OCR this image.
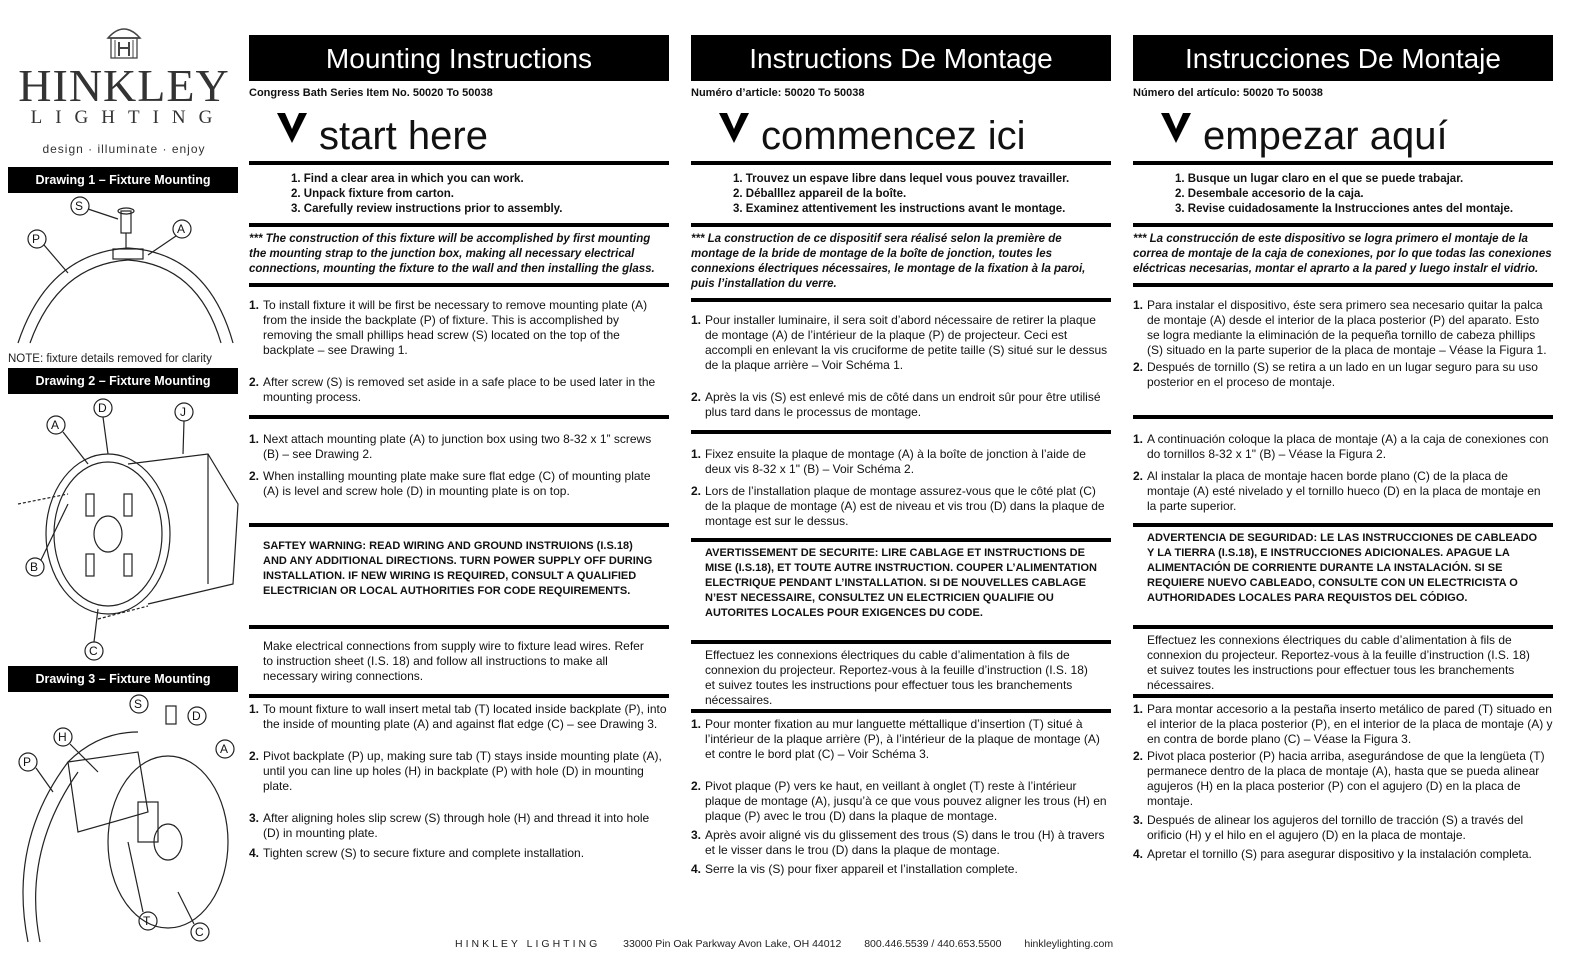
HINKLEY
LIGHTING
design · illuminate · enjoy
Drawing 1 – Fixture Mounting
S
P
A
NOTE: fixture details removed for clarity
Drawing 2 – Fixture Mounting
D
A
J
B
C
Drawing 3 – Fixture Mounting
S
D
H
A
P
T
C
Mounting Instructions
Congress Bath Series Item No. 50020 To 50038
start here
1. Find a clear area in which you can work.
2. Unpack fixture from carton.
3. Carefully review instructions prior to assembly.
*** The construction of this fixture will be accomplished by first mounting the mounting strap to the junction box, making all necessary electrical connections, mounting the fixture to the wall and then installing the glass.
1. To install fixture it will be first be necessary to remove mounting plate (A) from the inside the backplate (P) of fixture. This is accomplished by removing the small phillips head screw (S) located on the top of the backplate – see Drawing 1.
2. After screw (S) is removed set aside in a safe place to be used later in the mounting process.
1. Next attach mounting plate (A) to junction box using two 8-32 x 1” screws (B) – see Drawing 2.
2. When installing mounting plate make sure flat edge (C) of mounting plate (A) is level and screw hole (D) in mounting plate is on top.
SAFTEY WARNING: READ WIRING AND GROUND INSTRUIONS (I.S.18) AND ANY ADDITIONAL DIRECTIONS. TURN POWER SUPPLY OFF DURING INSTALLATION. IF NEW WIRING IS REQUIRED, CONSULT A QUALIFIED ELECTRICIAN OR LOCAL AUTHORITIES FOR CODE REQUIREMENTS.
Make electrical connections from supply wire to fixture lead wires. Refer to instruction sheet (I.S. 18) and follow all instructions to make all necessary wiring connections.
1. To mount fixture to wall insert metal tab (T) located inside backplate (P), into the inside of mounting plate (A) and against flat edge (C) – see Drawing 3.
2. Pivot backplate (P) up, making sure tab (T) stays inside mounting plate (A), until you can line up holes (H) in backplate (P) with hole (D) in mounting plate.
3. After aligning holes slip screw (S) through hole (H) and thread it into hole (D) in mounting plate.
4. Tighten screw (S) to secure fixture and complete installation.
Instructions De Montage
Numéro d’article: 50020 To 50038
commencez ici
1. Trouvez un espave libre dans lequel vous pouvez travailler.
2. Déballlez appareil de la boîte.
3. Examinez attentivement les instructions avant le montage.
*** La construction de ce dispositif sera réalisé selon la première de montage de la bride de montage de la boîte de jonction, toutes les connexions électriques nécessaires, le montage de la fixation à la paroi, puis l’installation du verre.
1. Pour installer luminaire, il sera soit d’abord nécessaire de retirer la plaque de montage (A) de l’intérieur de la plaque (P) de projecteur. Ceci est accompli en enlevant la vis cruciforme de petite taille (S) situé sur le dessus de la plaque arrière – Voir Schéma 1.
2. Après la vis (S) est enlevé mis de côté dans un endroit sûr pour être utilisé plus tard dans le processus de montage.
1. Fixez ensuite la plaque de montage (A) à la boîte de jonction à l’aide de deux vis 8-32 x 1" (B) – Voir Schéma 2.
2. Lors de l’installation plaque de montage assurez-vous que le côté plat (C) de la plaque de montage (A) est de niveau et vis trou (D) dans la plaque de montage est sur le dessus.
AVERTISSEMENT DE SECURITE: LIRE CABLAGE ET INSTRUCTIONS DE MISE (I.S.18), ET TOUTE AUTRE INSTRUCTION. COUPER L’ALIMENTATION ELECTRIQUE PENDANT L’INSTALLATION. SI DE NOUVELLES CABLAGE N’EST NECESSAIRE, CONSULTEZ UN ELECTRICIEN QUALIFIE OU AUTORITES LOCALES POUR EXIGENCES DU CODE.
Effectuez les connexions électriques du cable d’alimentation à fils de connexion du projecteur. Reportez-vous à la feuille d’instruction (I.S. 18) et suivez toutes les instructions pour effectuer tous les branchements nécessaires.
1. Pour monter fixation au mur languette méttallique d’insertion (T) situé à l’intérieur de la plaque arrière (P), à l’intérieur de la plaque de montage (A) et contre le bord plat (C) – Voir Schéma 3.
2. Pivot plaque (P) vers ke haut, en veillant à onglet (T) reste à l’intérieur plaque de montage (A), jusqu’à ce que vous pouvez aligner les trous (H) en plaque (P) avec le trou (D) dans la plaque de montage.
3. Après avoir aligné vis du glissement des trous (S) dans le trou (H) à travers et le visser dans le trou (D) dans la plaque de montage.
4. Serre la vis (S) pour fixer appareil et l’installation complete.
Instrucciones De Montaje
Número del artículo: 50020 To 50038
empezar aquí
1. Busque un lugar claro en el que se puede trabajar.
2. Desembale accesorio de la caja.
3. Revise cuidadosamente la Instrucciones antes del montaje.
*** La construcción de este dispositivo se logra primero el montaje de la correa de montaje de la caja de conexiones, por lo que todas las conexiones eléctricas necesarias, montar el aprarto a la pared y luego instalr el vidrio.
1. Para instalar el dispositivo, éste sera primero sea necesario quitar la palca de montaje (A) desde el interior de la placa posterior (P) del aparato. Esto se logra mediante la eliminación de la pequeña tornillo de cabeza phillips (S) situado en la parte superior de la placa de montaje – Véase la Figura 1.
2. Después de tornillo (S) se retira a un lado en un lugar seguro para su uso posterior en el proceso de montaje.
1. A continuación coloque la placa de montaje (A) a la caja de conexiones con do tornillos 8-32 x 1" (B) – Véase la Figura 2.
2. Al instalar la placa de montaje hacen borde plano (C) de la placa de montaje (A) esté nivelado y el tornillo hueco (D) en la placa de montaje en la parte superior.
ADVERTENCIA DE SEGURIDAD: LE LAS INSTRUCCIONES DE CABLEADO Y LA TIERRA (I.S.18), E INSTRUCCIONES ADICIONALES. APAGUE LA ALIMENTACIÓN DE CORRIENTE DURANTE LA INSTALACIÓN. SI SE REQUIERE NUEVO CABLEADO, CONSULTE CON UN ELECTRICISTA O AUTHORIDADES LOCALES PARA REQUISTOS DEL CÓDIGO.
Effectuez les connexions électriques du cable d’alimentation à fils de connexion du projecteur. Reportez-vous à la feuille d’instruction (I.S. 18) et suivez toutes les instructions pour effectuer tous les branchements nécessaires.
1. Para montar accesorio a la pestaña inserto metálico de pared (T) situado en el interior de la placa posterior (P), en el interior de la placa de montaje (A) y en contra de borde plano (C) – Véase la Figura 3.
2. Pivot placa posterior (P) hacia arriba, asegurándose de que la lengüeta (T) permanece dentro de la placa de montaje (A), hasta que se pueda alinear agujeros (H) en la placa posterior (P) con el agujero (D) en la placa de montaje.
3. Después de alinear los agujeros del tornillo de tracción (S) a través del orificio (H) y el hilo en el agujero (D) en la placa de montaje.
4. Apretar el tornillo (S) para asegurar dispositivo y la instalación completa.
HINKLEY LIGHTING 33000 Pin Oak Parkway Avon Lake, OH 44012 800.446.5539 / 440.653.5500 hinkleylighting.com
